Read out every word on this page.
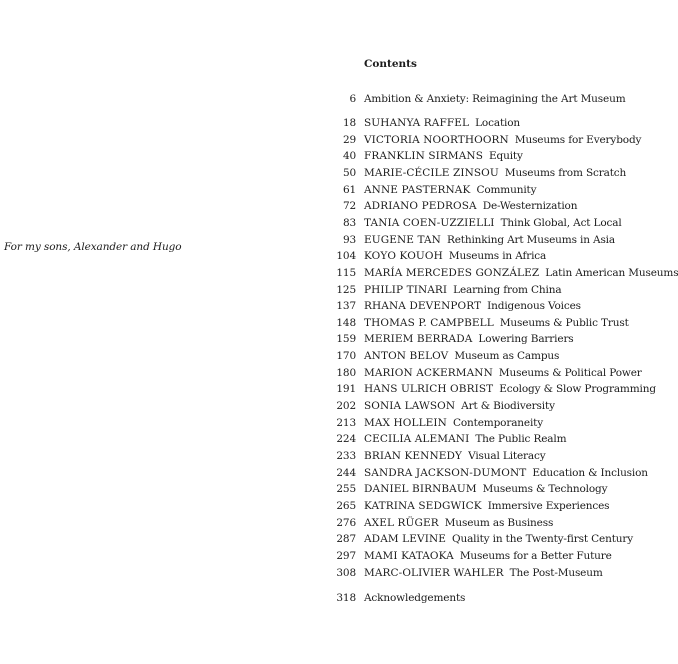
For my sons, Alexander and Hugo
Contents
6 Ambition & Anxiety: Reimagining the Art Museum
18 SUHANYA RAFFEL Location
29 VICTORIA NOORTHOORN Museums for Everybody
40 FRANKLIN SIRMANS Equity
50 MARIE-CÉCILE ZINSOU Museums from Scratch
61 ANNE PASTERNAK Community
72 ADRIANO PEDROSA De-Westernization
83 TANIA COEN-UZZIELLI Think Global, Act Local
93 EUGENE TAN Rethinking Art Museums in Asia
104 KOYO KOUOH Museums in Africa
115 MARÍA MERCEDES GONZÁLEZ Latin American Museums
125 PHILIP TINARI Learning from China
137 RHANA DEVENPORT Indigenous Voices
148 THOMAS P. CAMPBELL Museums & Public Trust
159 MERIEM BERRADA Lowering Barriers
170 ANTON BELOV Museum as Campus
180 MARION ACKERMANN Museums & Political Power
191 HANS ULRICH OBRIST Ecology & Slow Programming
202 SONIA LAWSON Art & Biodiversity
213 MAX HOLLEIN Contemporaneity
224 CECILIA ALEMANI The Public Realm
233 BRIAN KENNEDY Visual Literacy
244 SANDRA JACKSON-DUMONT Education & Inclusion
255 DANIEL BIRNBAUM Museums & Technology
265 KATRINA SEDGWICK Immersive Experiences
276 AXEL RÜGER Museum as Business
287 ADAM LEVINE Quality in the Twenty-first Century
297 MAMI KATAOKA Museums for a Better Future
308 MARC-OLIVIER WAHLER The Post-Museum
318 Acknowledgements
